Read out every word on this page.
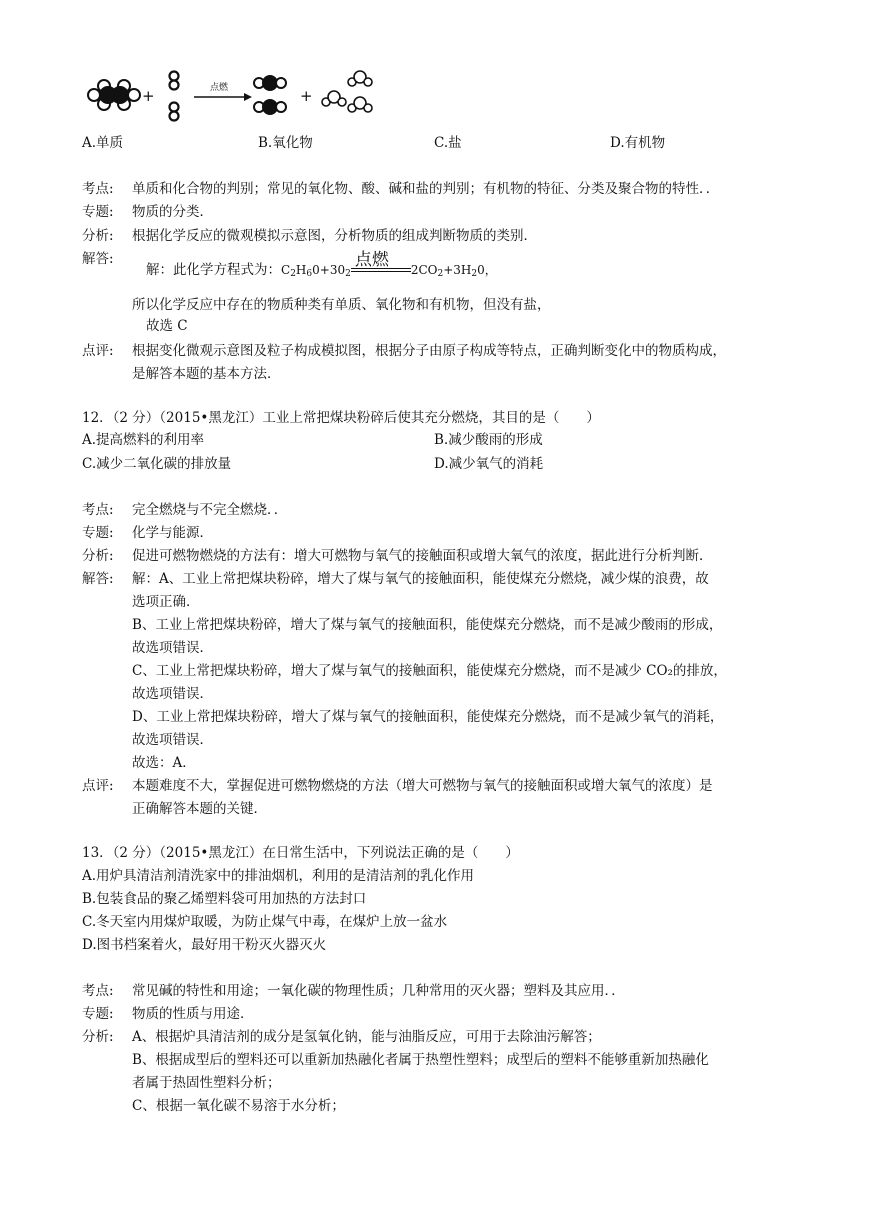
+	点燃	+
A.单质	B.氧化物	C.盐	D.有机物
考点: 单质和化合物的判别；常见的氧化物、酸、碱和盐的判别；有机物的特征、分类及聚合物的特性．．
专题: 物质的分类．
分析: 根据化学反应的微观模拟示意图，分析物质的组成判断物质的类别．
解答:
解：此化学方程式为：$C_2H_60+30_2$
点燃
$2CO_2+3H_20$，
所以化学反应中存在的物质种类有单质、氧化物和有机物，但没有盐，
故选 C
点评: 根据变化微观示意图及粒子构成模拟图，根据分子由原子构成等特点，正确判断变化中的物质构成，
是解答本题的基本方法．
12．（2 分）（2015•黑龙江）工业上常把煤块粉碎后使其充分燃烧，其目的是（　　）
A.提高燃料的利用率	B.减少酸雨的形成
C.减少二氧化碳的排放量	D.减少氧气的消耗
考点: 完全燃烧与不完全燃烧．．
专题: 化学与能源．
分析: 促进可燃物燃烧的方法有：增大可燃物与氧气的接触面积或增大氧气的浓度，据此进行分析判断．
解答: 解：A、工业上常把煤块粉碎，增大了煤与氧气的接触面积，能使煤充分燃烧，减少煤的浪费，故
选项正确．
B、工业上常把煤块粉碎，增大了煤与氧气的接触面积，能使煤充分燃烧，而不是减少酸雨的形成，
故选项错误．
C、工业上常把煤块粉碎，增大了煤与氧气的接触面积，能使煤充分燃烧，而不是减少 CO₂的排放，
故选项错误．
D、工业上常把煤块粉碎，增大了煤与氧气的接触面积，能使煤充分燃烧，而不是减少氧气的消耗，
故选项错误．
故选：A．
点评: 本题难度不大，掌握促进可燃物燃烧的方法（增大可燃物与氧气的接触面积或增大氧气的浓度）是
正确解答本题的关键．
13．（2 分）（2015•黑龙江）在日常生活中，下列说法正确的是（　　）
A.用炉具清洁剂清洗家中的排油烟机，利用的是清洁剂的乳化作用
B.包装食品的聚乙烯塑料袋可用加热的方法封口
C.冬天室内用煤炉取暖，为防止煤气中毒，在煤炉上放一盆水
D.图书档案着火，最好用干粉灭火器灭火
考点: 常见碱的特性和用途；一氧化碳的物理性质；几种常用的灭火器；塑料及其应用．．
专题: 物质的性质与用途．
分析: A、根据炉具清洁剂的成分是氢氧化钠，能与油脂反应，可用于去除油污解答；
B、根据成型后的塑料还可以重新加热融化者属于热塑性塑料；成型后的塑料不能够重新加热融化
者属于热固性塑料分析；
C、根据一氧化碳不易溶于水分析；
